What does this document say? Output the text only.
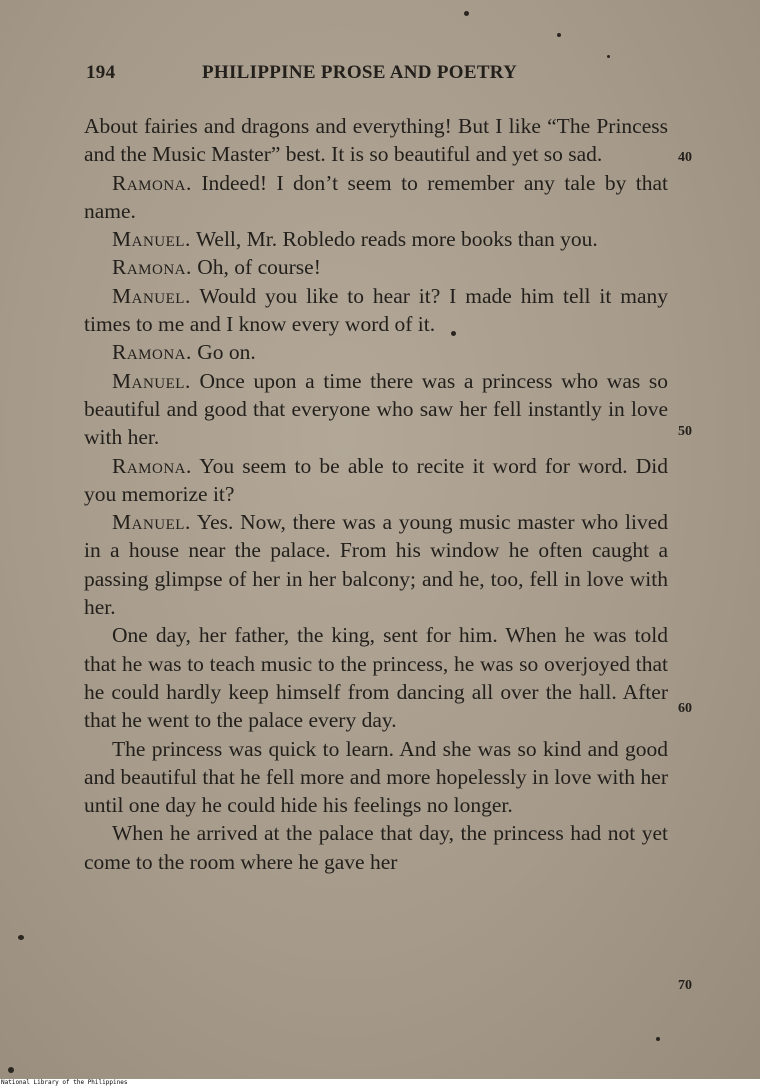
194	PHILIPPINE PROSE AND POETRY

About fairies and dragons and everything! But I like “The Princess and the Music Master” best. It is so beautiful and yet so sad.

Ramona. Indeed! I don’t seem to remember any tale by that name.

Manuel. Well, Mr. Robledo reads more books than you.

Ramona. Oh, of course!

Manuel. Would you like to hear it? I made him tell it many times to me and I know every word of it.

Ramona. Go on.

Manuel. Once upon a time there was a princess who was so beautiful and good that everyone who saw her fell instantly in love with her.

Ramona. You seem to be able to recite it word for word. Did you memorize it?

Manuel. Yes. Now, there was a young music master who lived in a house near the palace. From his window he often caught a passing glimpse of her in her balcony; and he, too, fell in love with her.

One day, her father, the king, sent for him. When he was told that he was to teach music to the princess, he was so overjoyed that he could hardly keep himself from dancing all over the hall. After that he went to the palace every day.

The princess was quick to learn. And she was so kind and good and beautiful that he fell more and more hopelessly in love with her until one day he could hide his feelings no longer.

When he arrived at the palace that day, the princess had not yet come to the room where he gave her

40
50
60
70
National Library of the Philippines
